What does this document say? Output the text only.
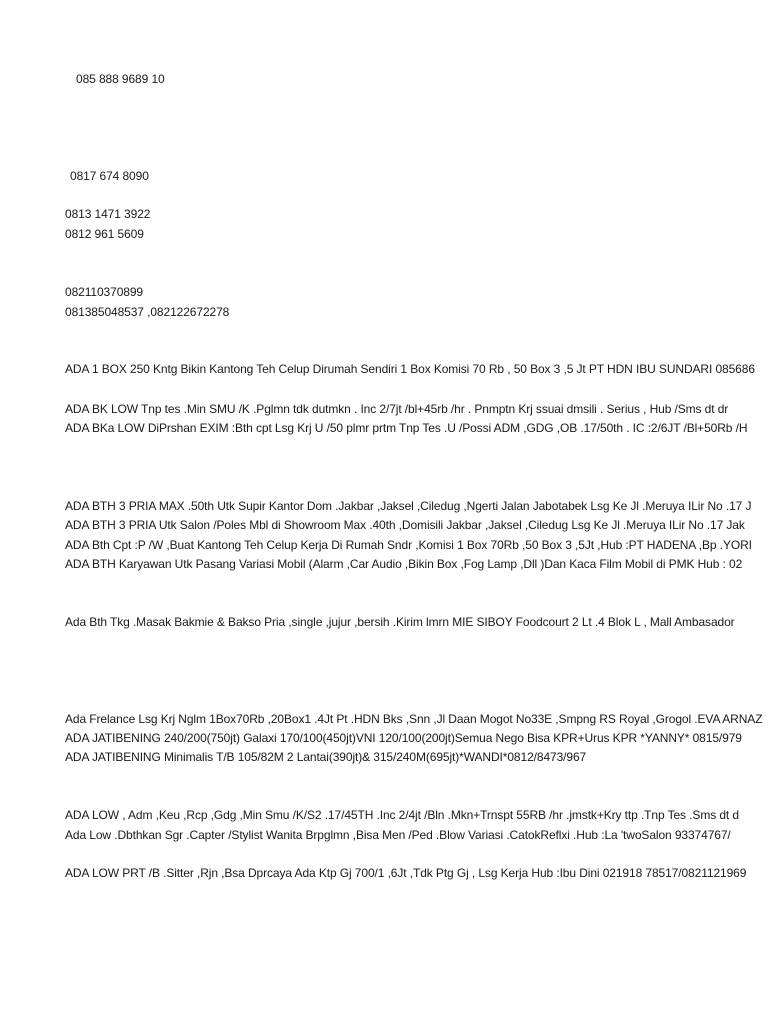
085 888 9689 10
0817 674 8090
0813 1471 3922
0812 961 5609
082110370899
081385048537 ,082122672278
ADA 1 BOX 250 Kntg Bikin Kantong Teh Celup Dirumah Sendiri 1 Box Komisi 70 Rb , 50 Box 3 ,5 Jt PT HDN IBU SUNDARI 085686
ADA BK LOW Tnp tes .Min SMU /K .Pglmn tdk dutmkn . Inc 2/7jt /bl+45rb /hr . Pnmptn Krj ssuai dmsili . Serius , Hub /Sms dt dr
ADA BKa LOW DiPrshan EXIM :Bth cpt Lsg Krj U /50 plmr prtm Tnp Tes .U /Possi ADM ,GDG ,OB .17/50th . IC :2/6JT /Bl+50Rb /H
ADA BTH 3 PRIA MAX .50th Utk Supir Kantor Dom .Jakbar ,Jaksel ,Ciledug ,Ngerti Jalan Jabotabek Lsg Ke Jl .Meruya ILir No .17 J
ADA BTH 3 PRIA Utk Salon /Poles Mbl di Showroom Max .40th ,Domisili Jakbar ,Jaksel ,Ciledug Lsg Ke Jl .Meruya ILir No .17 Jak
ADA Bth Cpt :P /W ,Buat Kantong Teh Celup Kerja Di Rumah Sndr ,Komisi 1 Box 70Rb ,50 Box 3 ,5Jt ,Hub :PT HADENA ,Bp .YORI
ADA BTH Karyawan Utk Pasang Variasi Mobil (Alarm ,Car Audio ,Bikin Box ,Fog Lamp ,Dll )Dan Kaca Film Mobil di PMK Hub : 02
Ada Bth Tkg .Masak Bakmie & Bakso Pria ,single ,jujur ,bersih .Kirim lmrn MIE SIBOY Foodcourt 2 Lt .4 Blok L , Mall Ambasador
Ada Frelance Lsg Krj Nglm 1Box70Rb ,20Box1 .4Jt Pt .HDN Bks ,Snn ,Jl Daan Mogot No33E ,Smpng RS Royal ,Grogol .EVA ARNAZ
ADA JATIBENING 240/200(750jt) Galaxi 170/100(450jt)VNI 120/100(200jt)Semua Nego Bisa KPR+Urus KPR *YANNY* 0815/979
ADA JATIBENING Minimalis T/B 105/82M 2 Lantai(390jt)& 315/240M(695jt)*WANDI*0812/8473/967
ADA LOW , Adm ,Keu ,Rcp ,Gdg ,Min Smu /K/S2 .17/45TH .Inc 2/4jt /Bln .Mkn+Trnspt 55RB /hr .jmstk+Kry ttp .Tnp Tes .Sms dt d
Ada Low .Dbthkan Sgr .Capter /Stylist Wanita Brpglmn ,Bisa Men /Ped .Blow Variasi .CatokReflxi .Hub :La 'twoSalon 93374767/
ADA LOW PRT /B .Sitter ,Rjn ,Bsa Dprcaya Ada Ktp Gj 700/1 ,6Jt ,Tdk Ptg Gj , Lsg Kerja Hub :Ibu Dini 021918 78517/0821121969
